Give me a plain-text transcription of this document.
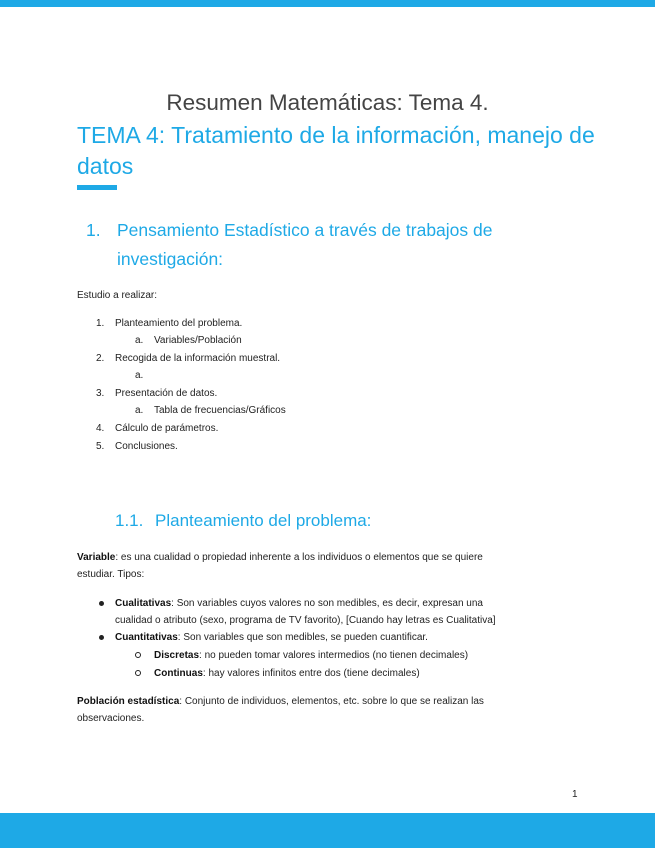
Resumen Matemáticas: Tema 4.
TEMA 4: Tratamiento de la información, manejo de datos
1. Pensamiento Estadístico a través de trabajos de investigación:
Estudio a realizar:
1. Planteamiento del problema.
a. Variables/Población
2. Recogida de la información muestral.
a.
3. Presentación de datos.
a. Tabla de frecuencias/Gráficos
4. Cálculo de parámetros.
5. Conclusiones.
1.1. Planteamiento del problema:
Variable: es una cualidad o propiedad inherente a los individuos o elementos que se quiere
estudiar. Tipos:
Cualitativas: Son variables cuyos valores no son medibles, es decir, expresan una
cualidad o atributo (sexo, programa de TV favorito), [Cuando hay letras es Cualitativa]
Cuantitativas: Son variables que son medibles, se pueden cuantificar.
Discretas: no pueden tomar valores intermedios (no tienen decimales)
Continuas: hay valores infinitos entre dos (tiene decimales)
Población estadística: Conjunto de individuos, elementos, etc. sobre lo que se realizan las
observaciones.
1
